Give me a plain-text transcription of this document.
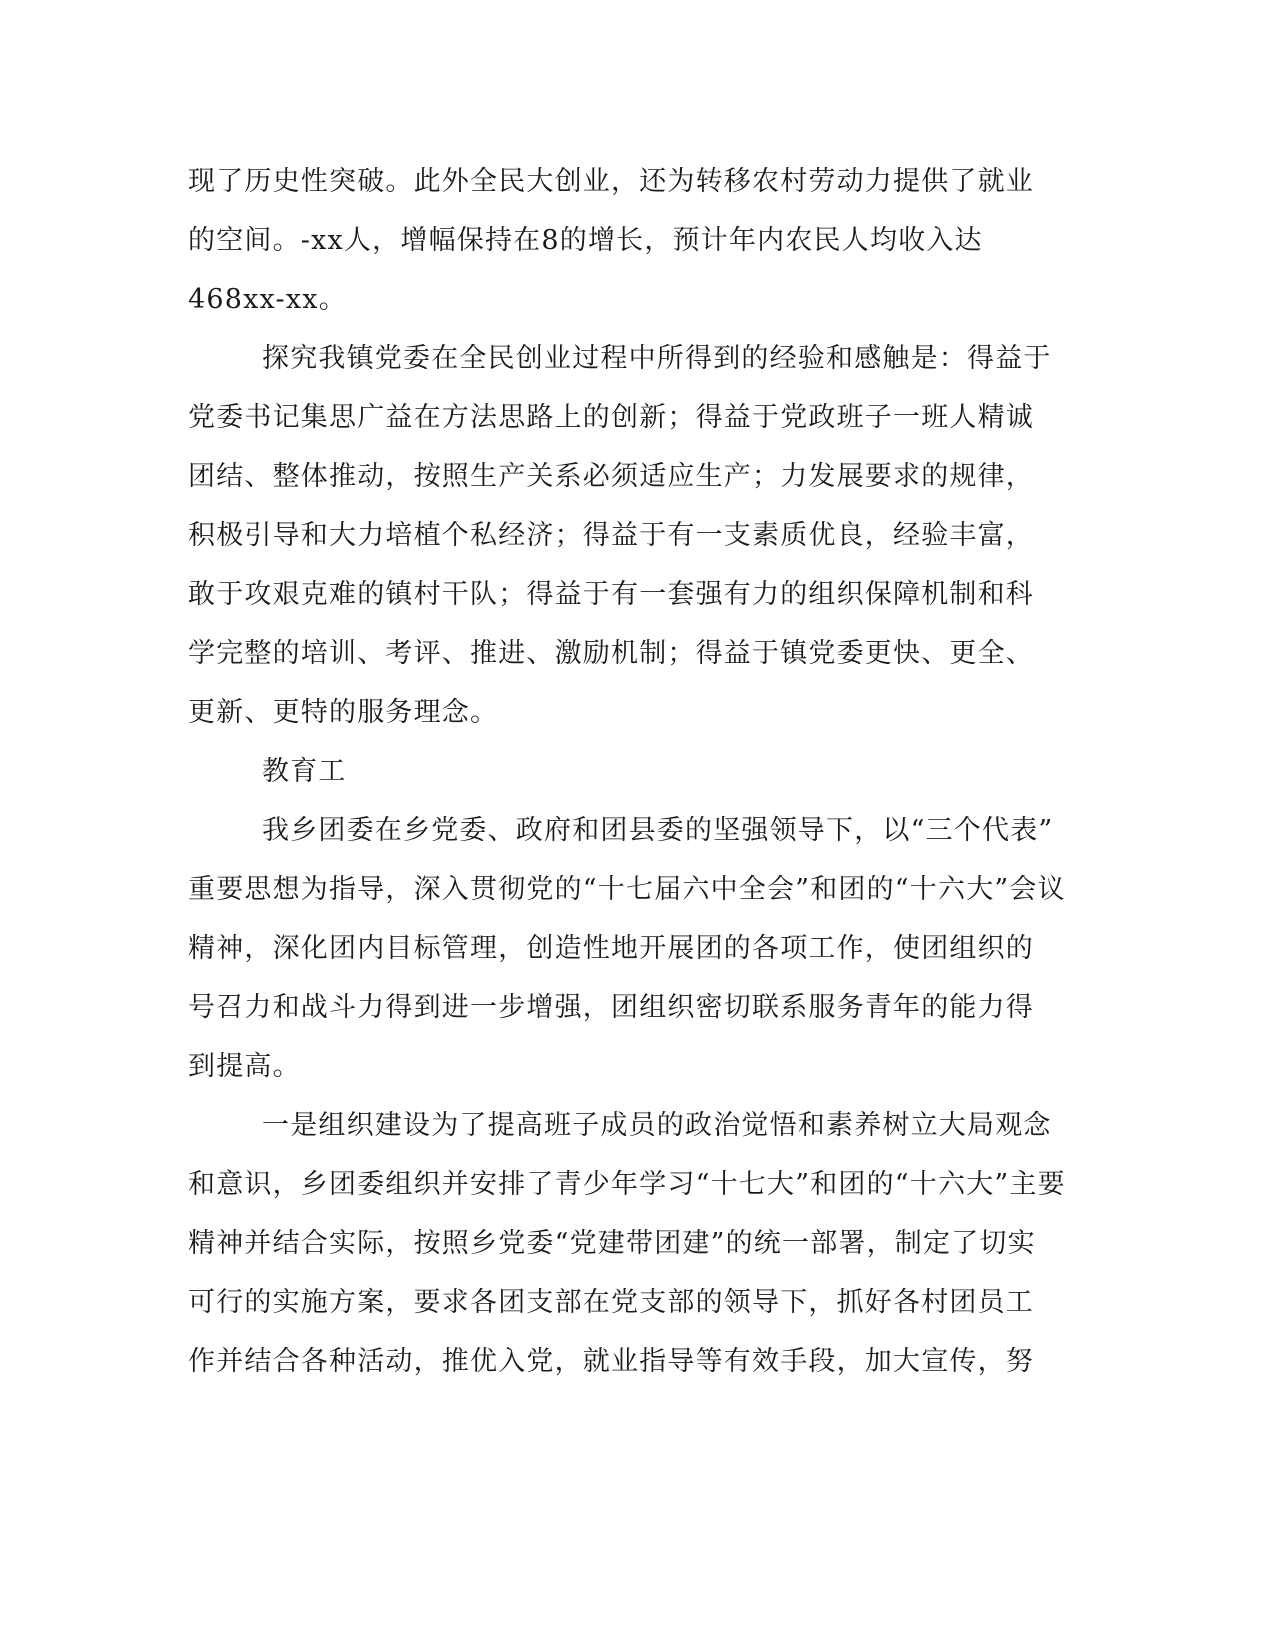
现了历史性突破。此外全民大创业，还为转移农村劳动力提供了就业

的空间。-xx人，增幅保持在8的增长，预计年内农民人均收入达

468xx-xx。

探究我镇党委在全民创业过程中所得到的经验和感触是：得益于

党委书记集思广益在方法思路上的创新；得益于党政班子一班人精诚

团结、整体推动，按照生产关系必须适应生产；力发展要求的规律，

积极引导和大力培植个私经济；得益于有一支素质优良，经验丰富，

敢于攻艰克难的镇村干队；得益于有一套强有力的组织保障机制和科

学完整的培训、考评、推进、激励机制；得益于镇党委更快、更全、

更新、更特的服务理念。

教育工

我乡团委在乡党委、政府和团县委的坚强领导下，以“三个代表”

重要思想为指导，深入贯彻党的“十七届六中全会”和团的“十六大”会议

精神，深化团内目标管理，创造性地开展团的各项工作，使团组织的

号召力和战斗力得到进一步增强，团组织密切联系服务青年的能力得

到提高。

一是组织建设为了提高班子成员的政治觉悟和素养树立大局观念

和意识，乡团委组织并安排了青少年学习“十七大”和团的“十六大”主要

精神并结合实际，按照乡党委“党建带团建”的统一部署，制定了切实

可行的实施方案，要求各团支部在党支部的领导下，抓好各村团员工

作并结合各种活动，推优入党，就业指导等有效手段，加大宣传，努
